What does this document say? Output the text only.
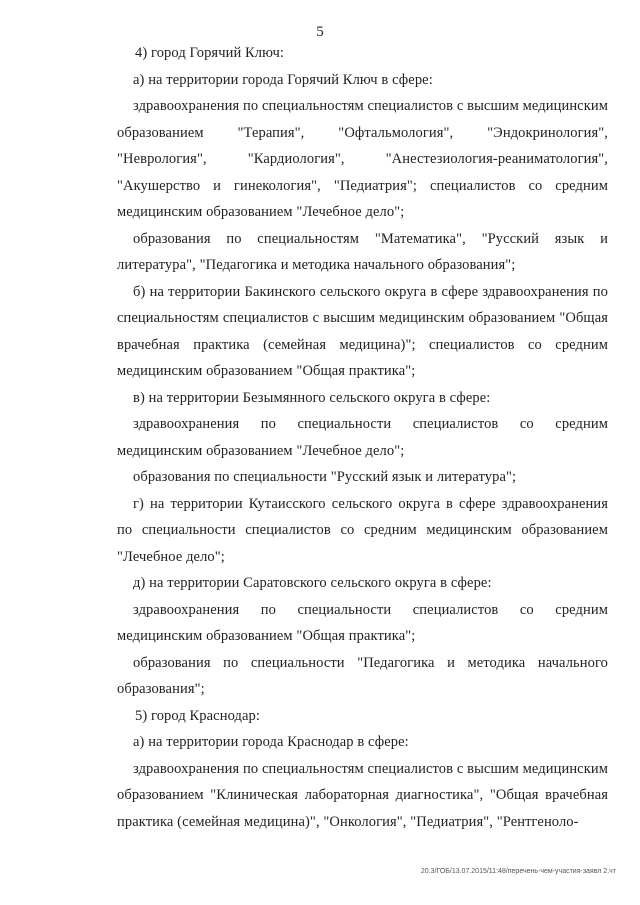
5

4) город Горячий Ключ:

а) на территории города Горячий Ключ в сфере:

здравоохранения по специальностям специалистов с высшим медицинским образованием "Терапия", "Офтальмология", "Эндокринология", "Неврология", "Кардиология", "Анестезиология-реаниматология", "Акушерство и гинекология", "Педиатрия"; специалистов со средним медицинским образованием "Лечебное дело";

образования по специальностям "Математика", "Русский язык и литература", "Педагогика и методика начального образования";

б) на территории Бакинского сельского округа в сфере здравоохранения по специальностям специалистов с высшим медицинским образованием "Общая врачебная практика (семейная медицина)"; специалистов со средним медицинским образованием "Общая практика";

в) на территории Безымянного сельского округа в сфере:

здравоохранения по специальности специалистов со средним медицинским образованием "Лечебное дело";

образования по специальности "Русский язык и литература";

г) на территории Кутаисского сельского округа в сфере здравоохранения по специальности специалистов со средним медицинским образованием "Лечебное дело";

д) на территории Саратовского сельского округа в сфере:

здравоохранения по специальности специалистов со средним медицинским образованием "Общая практика";

образования по специальности "Педагогика и методика начального образования";

5) город Краснодар:

а) на территории города Краснодар в сфере:

здравоохранения по специальностям специалистов с высшим медицинским образованием "Клиническая лабораторная диагностика", "Общая врачебная практика (семейная медицина)", "Онкология", "Педиатрия", "Рентгеноло-

20.3/ГОБ/13.07.2015/11:48/перечень-чем-участия-заявл 2.чт
